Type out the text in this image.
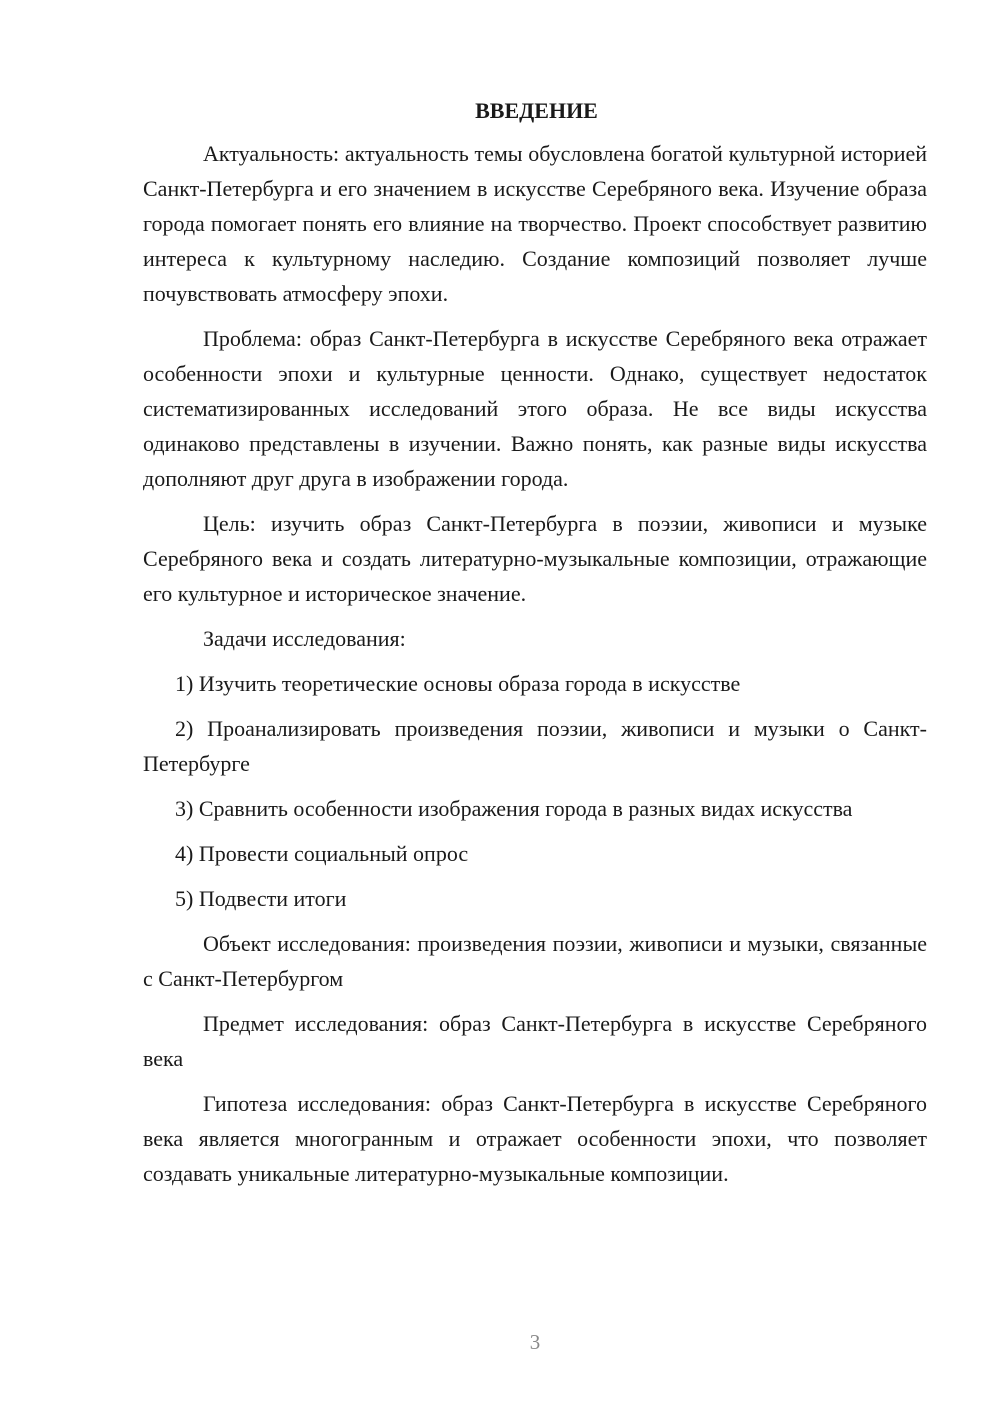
ВВЕДЕНИЕ

Актуальность: актуальность темы обусловлена богатой культурной историей Санкт-Петербурга и его значением в искусстве Серебряного века. Изучение образа города помогает понять его влияние на творчество. Проект способствует развитию интереса к культурному наследию. Создание композиций позволяет лучше почувствовать атмосферу эпохи.

Проблема: образ Санкт-Петербурга в искусстве Серебряного века отражает особенности эпохи и культурные ценности. Однако, существует недостаток систематизированных исследований этого образа. Не все виды искусства одинаково представлены в изучении. Важно понять, как разные виды искусства дополняют друг друга в изображении города.

Цель: изучить образ Санкт-Петербурга в поэзии, живописи и музыке Серебряного века и создать литературно-музыкальные композиции, отражающие его культурное и историческое значение.

Задачи исследования:

1) Изучить теоретические основы образа города в искусстве

2) Проанализировать произведения поэзии, живописи и музыки о Санкт-Петербурге

3) Сравнить особенности изображения города в разных видах искусства

4) Провести социальный опрос

5) Подвести итоги

Объект исследования: произведения поэзии, живописи и музыки, связанные с Санкт-Петербургом

Предмет исследования: образ Санкт-Петербурга в искусстве Серебряного века

Гипотеза исследования: образ Санкт-Петербурга в искусстве Серебряного века является многогранным и отражает особенности эпохи, что позволяет создавать уникальные литературно-музыкальные композиции.

3
